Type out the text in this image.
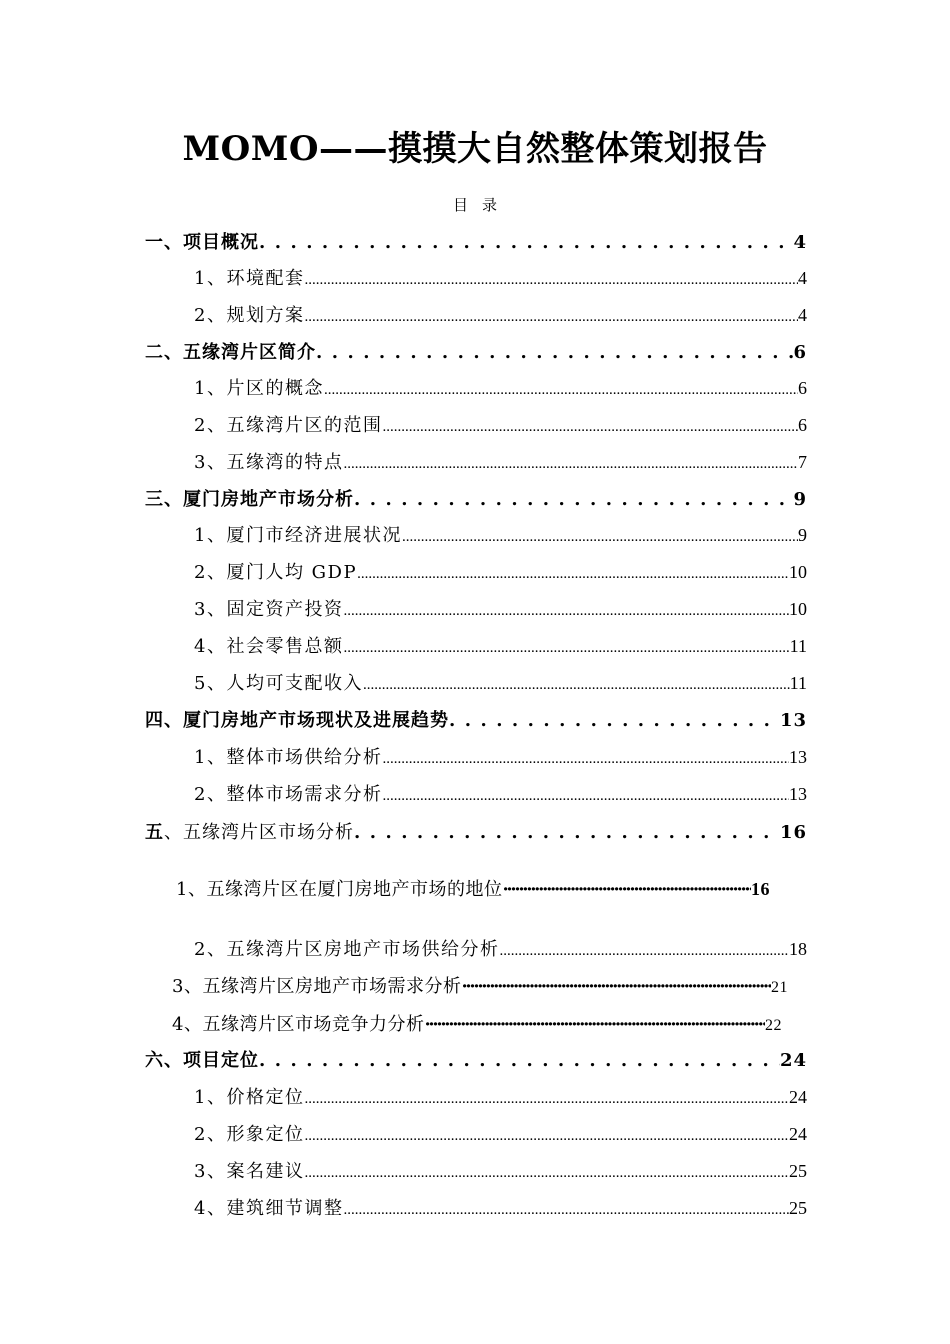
MOMO——摸摸大自然整体策划报告
目录
一、项目概况 . . .	4
1、环境配套 .....	4
2、规划方案 .....	4
二、五缘湾片区简介 . . .	6
1、片区的概念 .....	6
2、五缘湾片区的范围 .....	6
3、五缘湾的特点 .....	7
三、厦门房地产市场分析 . . .	9
1、厦门市经济进展状况 .....	9
2、厦门人均 GDP .....	10
3、固定资产投资 .....	10
4、社会零售总额 .....	11
5、人均可支配收入 .....	11
四、厦门房地产市场现状及进展趋势 . . .	13
1、整体市场供给分析 .....	13
2、整体市场需求分析 .....	13
五、五缘湾片区市场分析 . . .	16
1、五缘湾片区在厦门房地产市场的地位 ·····	16
2、五缘湾片区房地产市场供给分析 .....	18
3、五缘湾片区房地产市场需求分析 ·····	21
4、五缘湾片区市场竞争力分析 ·····	22
六、项目定位 . . .	24
1、价格定位 .....	24
2、形象定位 .....	24
3、案名建议 .....	25
4、建筑细节调整 .....	25
